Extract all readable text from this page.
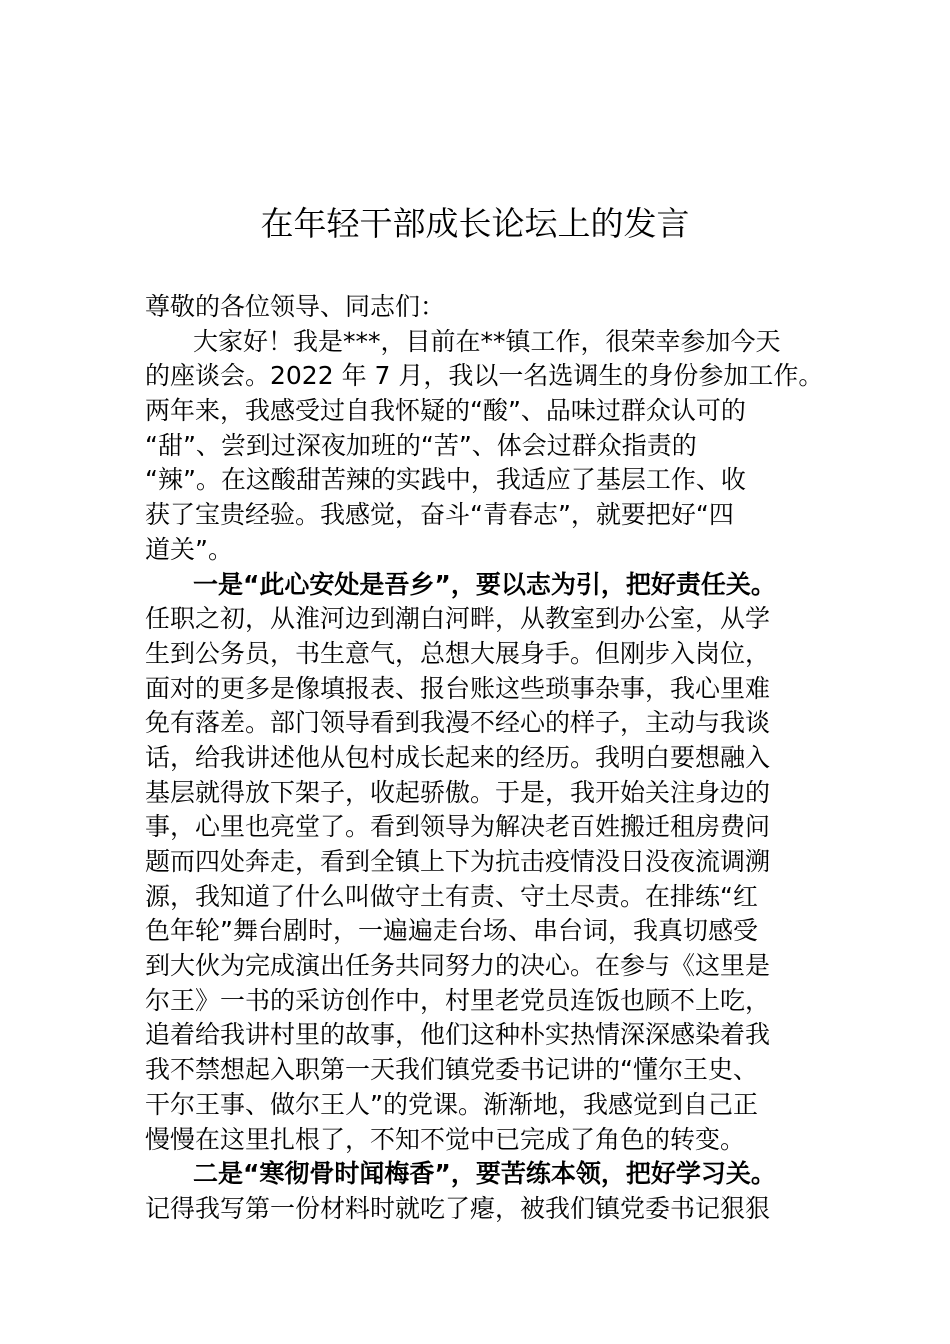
在年轻干部成长论坛上的发言
尊敬的各位领导、同志们：
大家好！我是***，目前在**镇工作，很荣幸参加今天
的座谈会。2022 年 7 月，我以一名选调生的身份参加工作。
两年来，我感受过自我怀疑的“酸”、品味过群众认可的
“甜”、尝到过深夜加班的“苦”、体会过群众指责的
“辣”。在这酸甜苦辣的实践中，我适应了基层工作、收
获了宝贵经验。我感觉，奋斗“青春志”，就要把好“四
道关”。
一是“此心安处是吾乡”，要以志为引，把好责任关。
任职之初，从淮河边到潮白河畔，从教室到办公室，从学
生到公务员，书生意气，总想大展身手。但刚步入岗位，
面对的更多是像填报表、报台账这些琐事杂事，我心里难
免有落差。部门领导看到我漫不经心的样子，主动与我谈
话，给我讲述他从包村成长起来的经历。我明白要想融入
基层就得放下架子，收起骄傲。于是，我开始关注身边的
事，心里也亮堂了。看到领导为解决老百姓搬迁租房费问
题而四处奔走，看到全镇上下为抗击疫情没日没夜流调溯
源，我知道了什么叫做守土有责、守土尽责。在排练“红
色年轮”舞台剧时，一遍遍走台场、串台词，我真切感受
到大伙为完成演出任务共同努力的决心。在参与《这里是
尔王》一书的采访创作中，村里老党员连饭也顾不上吃，
追着给我讲村里的故事，他们这种朴实热情深深感染着我
我不禁想起入职第一天我们镇党委书记讲的“懂尔王史、
干尔王事、做尔王人”的党课。渐渐地，我感觉到自己正
慢慢在这里扎根了，不知不觉中已完成了角色的转变。
二是“寒彻骨时闻梅香”，要苦练本领，把好学习关。
记得我写第一份材料时就吃了瘪，被我们镇党委书记狠狠
